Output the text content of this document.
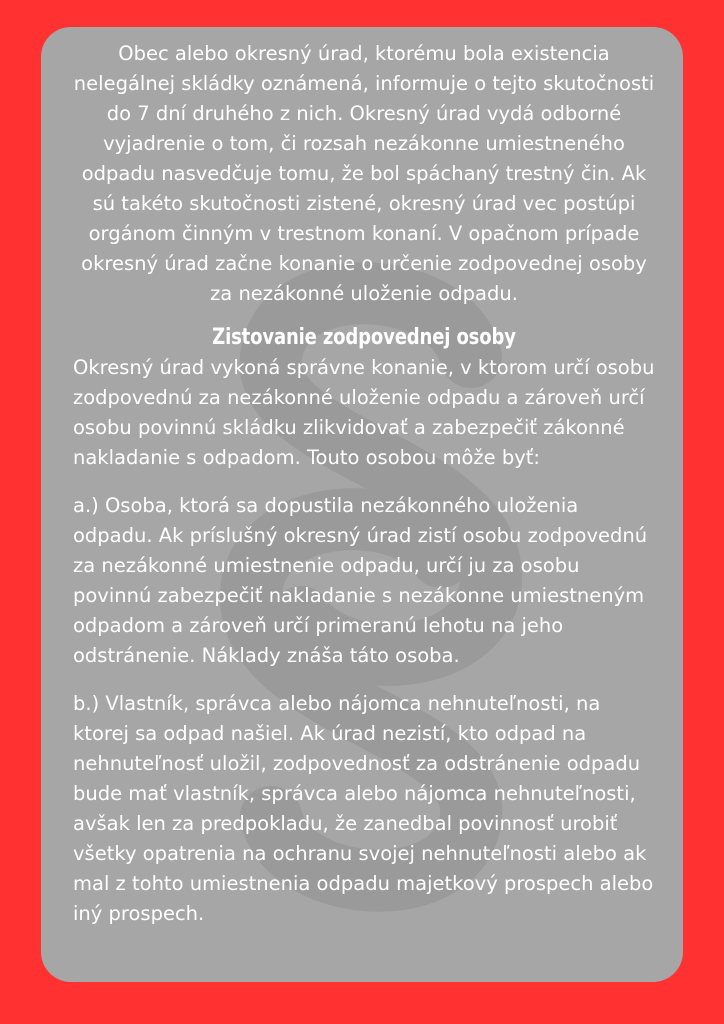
Obec alebo okresný úrad, ktorému bola existencia nelegálnej skládky oznámená, informuje o tejto skutočnosti do 7 dní druhého z nich. Okresný úrad vydá odborné vyjadrenie o tom, či rozsah nezákonne umiestneného odpadu nasvedčuje tomu, že bol spáchaný trestný čin. Ak sú takéto skutočnosti zistené, okresný úrad vec postúpi orgánom činným v trestnom konaní. V opačnom prípade okresný úrad začne konanie o určenie zodpovednej osoby za nezákonné uloženie odpadu.

Zistovanie zodpovednej osoby

Okresný úrad vykoná správne konanie, v ktorom určí osobu zodpovednú za nezákonné uloženie odpadu a zároveň určí osobu povinnú skládku zlikvidovať a zabezpečiť zákonné nakladanie s odpadom. Touto osobou môže byť:

a.) Osoba, ktorá sa dopustila nezákonného uloženia odpadu. Ak príslušný okresný úrad zistí osobu zodpovednú za nezákonné umiestnenie odpadu, určí ju za osobu povinnú zabezpečiť nakladanie s nezákonne umiestneným odpadom a zároveň určí primeranú lehotu na jeho odstránenie. Náklady znáša táto osoba.

b.) Vlastník, správca alebo nájomca nehnuteľnosti, na ktorej sa odpad našiel. Ak úrad nezistí, kto odpad na nehnuteľnosť uložil, zodpovednosť za odstránenie odpadu bude mať vlastník, správca alebo nájomca nehnuteľnosti, avšak len za predpokladu, že zanedbal povinnosť urobiť všetky opatrenia na ochranu svojej nehnuteľnosti alebo ak mal z tohto umiestnenia odpadu majetkový prospech alebo iný prospech.
